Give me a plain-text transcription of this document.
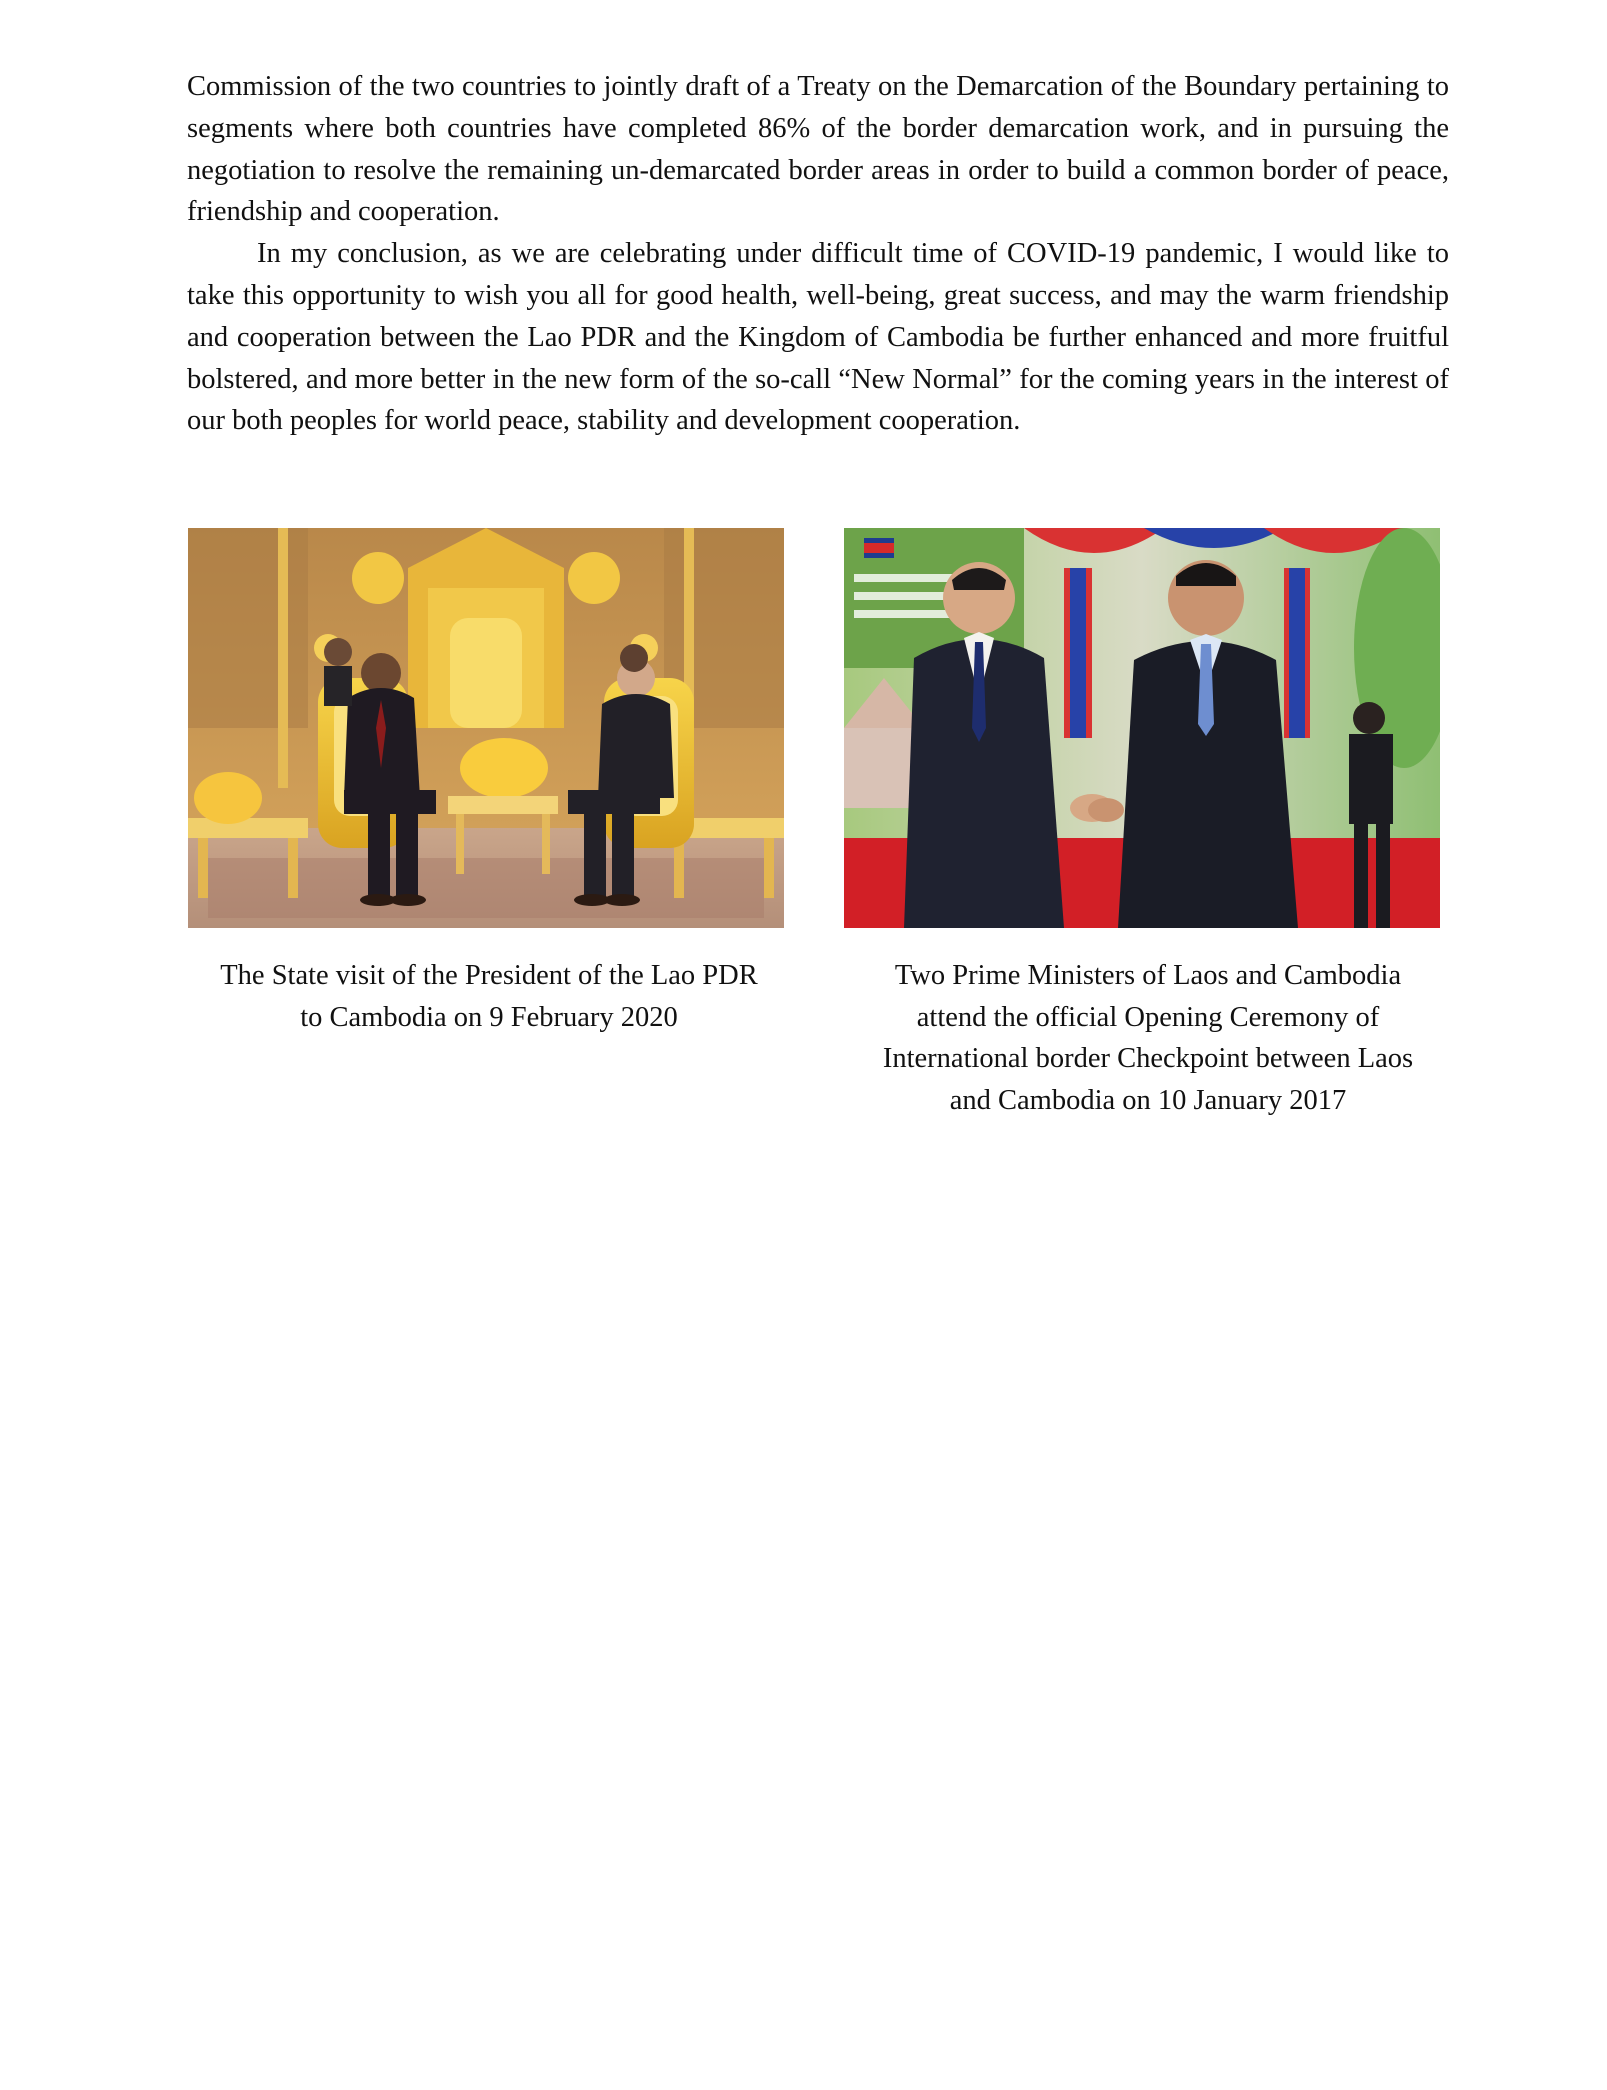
Commission of the two countries to jointly draft of a Treaty on the Demarcation of the Boundary pertaining to segments where both countries have completed 86% of the border demarcation work, and in pursuing the negotiation to resolve the remaining un-demarcated border areas in order to build a common border of peace, friendship and cooperation.

In my conclusion, as we are celebrating under difficult time of COVID-19 pandemic, I would like to take this opportunity to wish you all for good health, well-being, great success, and may the warm friendship and cooperation between the Lao PDR and the Kingdom of Cambodia be further enhanced and more fruitful bolstered, and more better in the new form of the so-call “New Normal” for the coming years in the interest of our both peoples for world peace, stability and development cooperation.

The State visit of the President of the Lao PDR
to Cambodia on 9 February 2020
Two Prime Ministers of Laos and Cambodia
attend the official Opening Ceremony of
International border Checkpoint between Laos
and Cambodia on 10 January 2017
